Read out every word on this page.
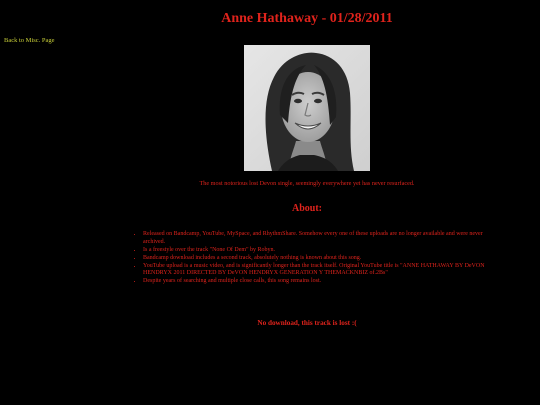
Anne Hathaway - 01/28/2011
Back to Misc. Page
The most notorious lost Devon single, seemingly everywhere yet has never resurfaced.
About:
• Released on Bandcamp, YouTube, MySpace, and RhythmShare. Somehow every one of these uploads are no longer available and were never archived.
• Is a freestyle over the track "None Of Dem" by Robyn.
• Bandcamp download includes a second track, absolutely nothing is known about this song.
• YouTube upload is a music video, and is significantly longer than the track itself. Original YouTube title is "ANNE HATHAWAY BY DeVON HENDRYX 2011 DIRECTED BY DeVON HENDRYX GENERATION Y THEMACKNBIZ of.2Bs"
• Despite years of searching and multiple close calls, this song remains lost.
No download, this track is lost :(
